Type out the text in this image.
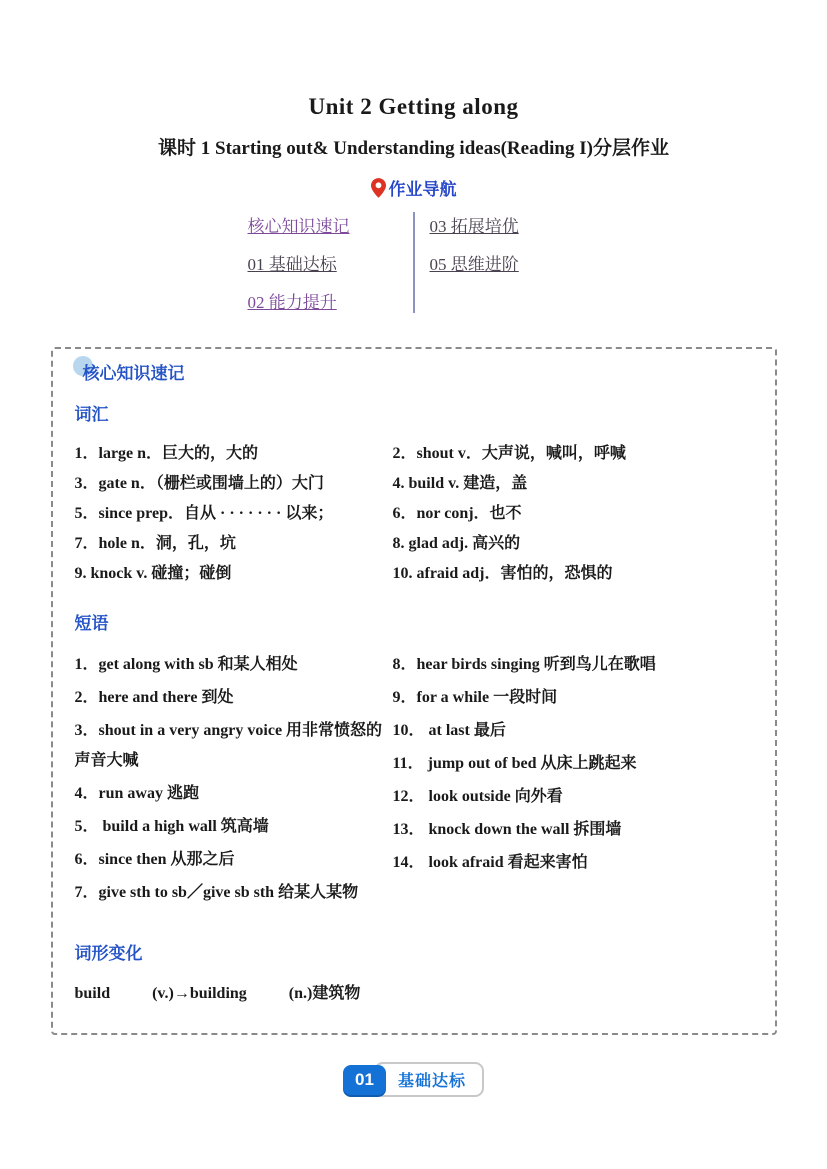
Unit 2 Getting along
课时 1 Starting out& Understanding ideas(Reading I)分层作业
作业导航
核心知识速记
01 基础达标
02 能力提升
03 拓展培优
05 思维进阶
核心知识速记
词汇
1．large n．巨大的，大的
3．gate n．（栅栏或围墙上的）大门
5．since prep．自从 · · · · · · · 以来；
7．hole n．洞，孔，坑
9. knock v. 碰撞；碰倒
2．shout v．大声说，喊叫，呼喊
4. build v. 建造，盖
6．nor conj．也不
8. glad adj. 高兴的
10. afraid adj．害怕的，恐惧的
短语
1．get along with sb 和某人相处
2．here and there 到处
3．shout in a very angry voice 用非常愤怒的声音大喊
4．run away 逃跑
5． build a high wall 筑高墙
6．since then 从那之后
7．give sth to sb／give sb sth 给某人某物
8．hear birds singing 听到鸟儿在歌唱
9．for a while 一段时间
10． at last 最后
11． jump out of bed 从床上跳起来
12． look outside 向外看
13． knock down the wall 拆围墙
14． look afraid 看起来害怕
词形变化
build	(v.)→building	(n.)建筑物
01	基础达标
